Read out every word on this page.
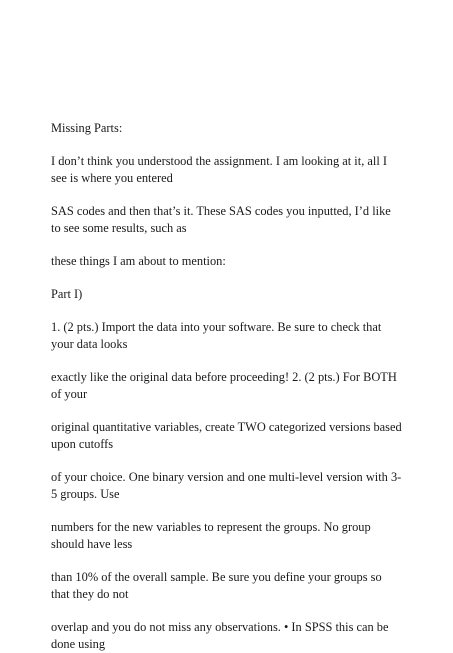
Missing Parts:

I don’t think you understood the assignment. I am looking at it, all I see is where you entered

SAS codes and then that’s it. These SAS codes you inputted, I’d like to see some results, such as

these things I am about to mention:

Part I)

1. (2 pts.) Import the data into your software. Be sure to check that your data looks

exactly like the original data before proceeding! 2. (2 pts.) For BOTH of your

original quantitative variables, create TWO categorized versions based upon cutoffs

of your choice. One binary version and one multi-level version with 3-5 groups. Use

numbers for the new variables to represent the groups. No group should have less

than 10% of the overall sample. Be sure you define your groups so that they do not

overlap and you do not miss any observations. • In SPSS this can be done using
